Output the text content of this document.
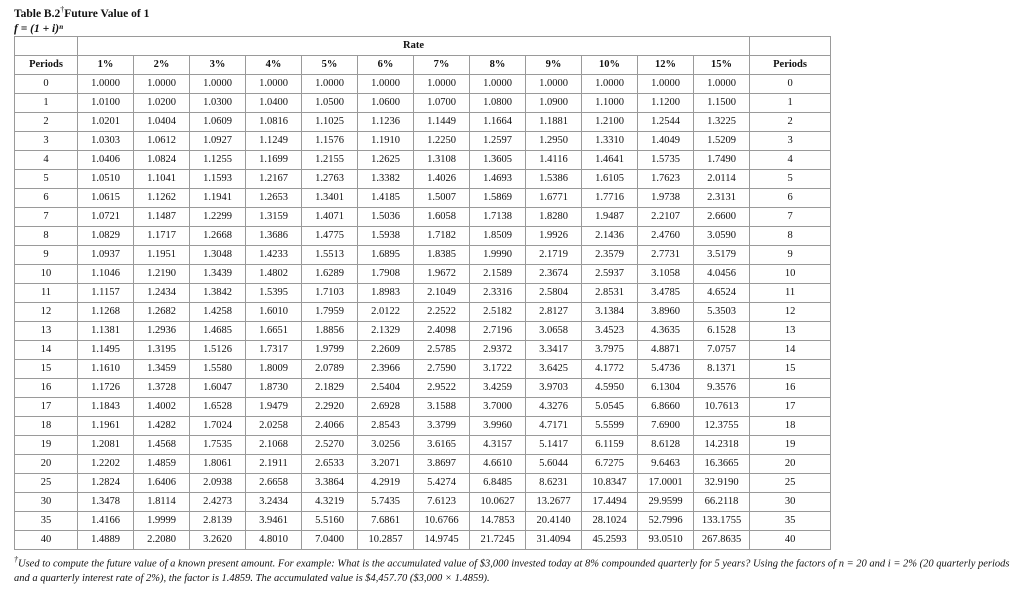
Table B.2†Future Value of 1
f = (1 + i)ⁿ
	Rate												
Periods	1%	2%	3%	4%	5%	6%	7%	8%	9%	10%	12%	15%	Periods
0	1.0000	1.0000	1.0000	1.0000	1.0000	1.0000	1.0000	1.0000	1.0000	1.0000	1.0000	1.0000	0
1	1.0100	1.0200	1.0300	1.0400	1.0500	1.0600	1.0700	1.0800	1.0900	1.1000	1.1200	1.1500	1
2	1.0201	1.0404	1.0609	1.0816	1.1025	1.1236	1.1449	1.1664	1.1881	1.2100	1.2544	1.3225	2
3	1.0303	1.0612	1.0927	1.1249	1.1576	1.1910	1.2250	1.2597	1.2950	1.3310	1.4049	1.5209	3
4	1.0406	1.0824	1.1255	1.1699	1.2155	1.2625	1.3108	1.3605	1.4116	1.4641	1.5735	1.7490	4
5	1.0510	1.1041	1.1593	1.2167	1.2763	1.3382	1.4026	1.4693	1.5386	1.6105	1.7623	2.0114	5
6	1.0615	1.1262	1.1941	1.2653	1.3401	1.4185	1.5007	1.5869	1.6771	1.7716	1.9738	2.3131	6
7	1.0721	1.1487	1.2299	1.3159	1.4071	1.5036	1.6058	1.7138	1.8280	1.9487	2.2107	2.6600	7
8	1.0829	1.1717	1.2668	1.3686	1.4775	1.5938	1.7182	1.8509	1.9926	2.1436	2.4760	3.0590	8
9	1.0937	1.1951	1.3048	1.4233	1.5513	1.6895	1.8385	1.9990	2.1719	2.3579	2.7731	3.5179	9
10	1.1046	1.2190	1.3439	1.4802	1.6289	1.7908	1.9672	2.1589	2.3674	2.5937	3.1058	4.0456	10
11	1.1157	1.2434	1.3842	1.5395	1.7103	1.8983	2.1049	2.3316	2.5804	2.8531	3.4785	4.6524	11
12	1.1268	1.2682	1.4258	1.6010	1.7959	2.0122	2.2522	2.5182	2.8127	3.1384	3.8960	5.3503	12
13	1.1381	1.2936	1.4685	1.6651	1.8856	2.1329	2.4098	2.7196	3.0658	3.4523	4.3635	6.1528	13
14	1.1495	1.3195	1.5126	1.7317	1.9799	2.2609	2.5785	2.9372	3.3417	3.7975	4.8871	7.0757	14
15	1.1610	1.3459	1.5580	1.8009	2.0789	2.3966	2.7590	3.1722	3.6425	4.1772	5.4736	8.1371	15
16	1.1726	1.3728	1.6047	1.8730	2.1829	2.5404	2.9522	3.4259	3.9703	4.5950	6.1304	9.3576	16
17	1.1843	1.4002	1.6528	1.9479	2.2920	2.6928	3.1588	3.7000	4.3276	5.0545	6.8660	10.7613	17
18	1.1961	1.4282	1.7024	2.0258	2.4066	2.8543	3.3799	3.9960	4.7171	5.5599	7.6900	12.3755	18
19	1.2081	1.4568	1.7535	2.1068	2.5270	3.0256	3.6165	4.3157	5.1417	6.1159	8.6128	14.2318	19
20	1.2202	1.4859	1.8061	2.1911	2.6533	3.2071	3.8697	4.6610	5.6044	6.7275	9.6463	16.3665	20
25	1.2824	1.6406	2.0938	2.6658	3.3864	4.2919	5.4274	6.8485	8.6231	10.8347	17.0001	32.9190	25
30	1.3478	1.8114	2.4273	3.2434	4.3219	5.7435	7.6123	10.0627	13.2677	17.4494	29.9599	66.2118	30
35	1.4166	1.9999	2.8139	3.9461	5.5160	7.6861	10.6766	14.7853	20.4140	28.1024	52.7996	133.1755	35
40	1.4889	2.2080	3.2620	4.8010	7.0400	10.2857	14.9745	21.7245	31.4094	45.2593	93.0510	267.8635	40
†Used to compute the future value of a known present amount. For example: What is the accumulated value of $3,000 invested today at 8% compounded quarterly for 5 years? Using the factors of n = 20 and i = 2% (20 quarterly periods and a quarterly interest rate of 2%), the factor is 1.4859. The accumulated value is $4,457.70 ($3,000 × 1.4859).
